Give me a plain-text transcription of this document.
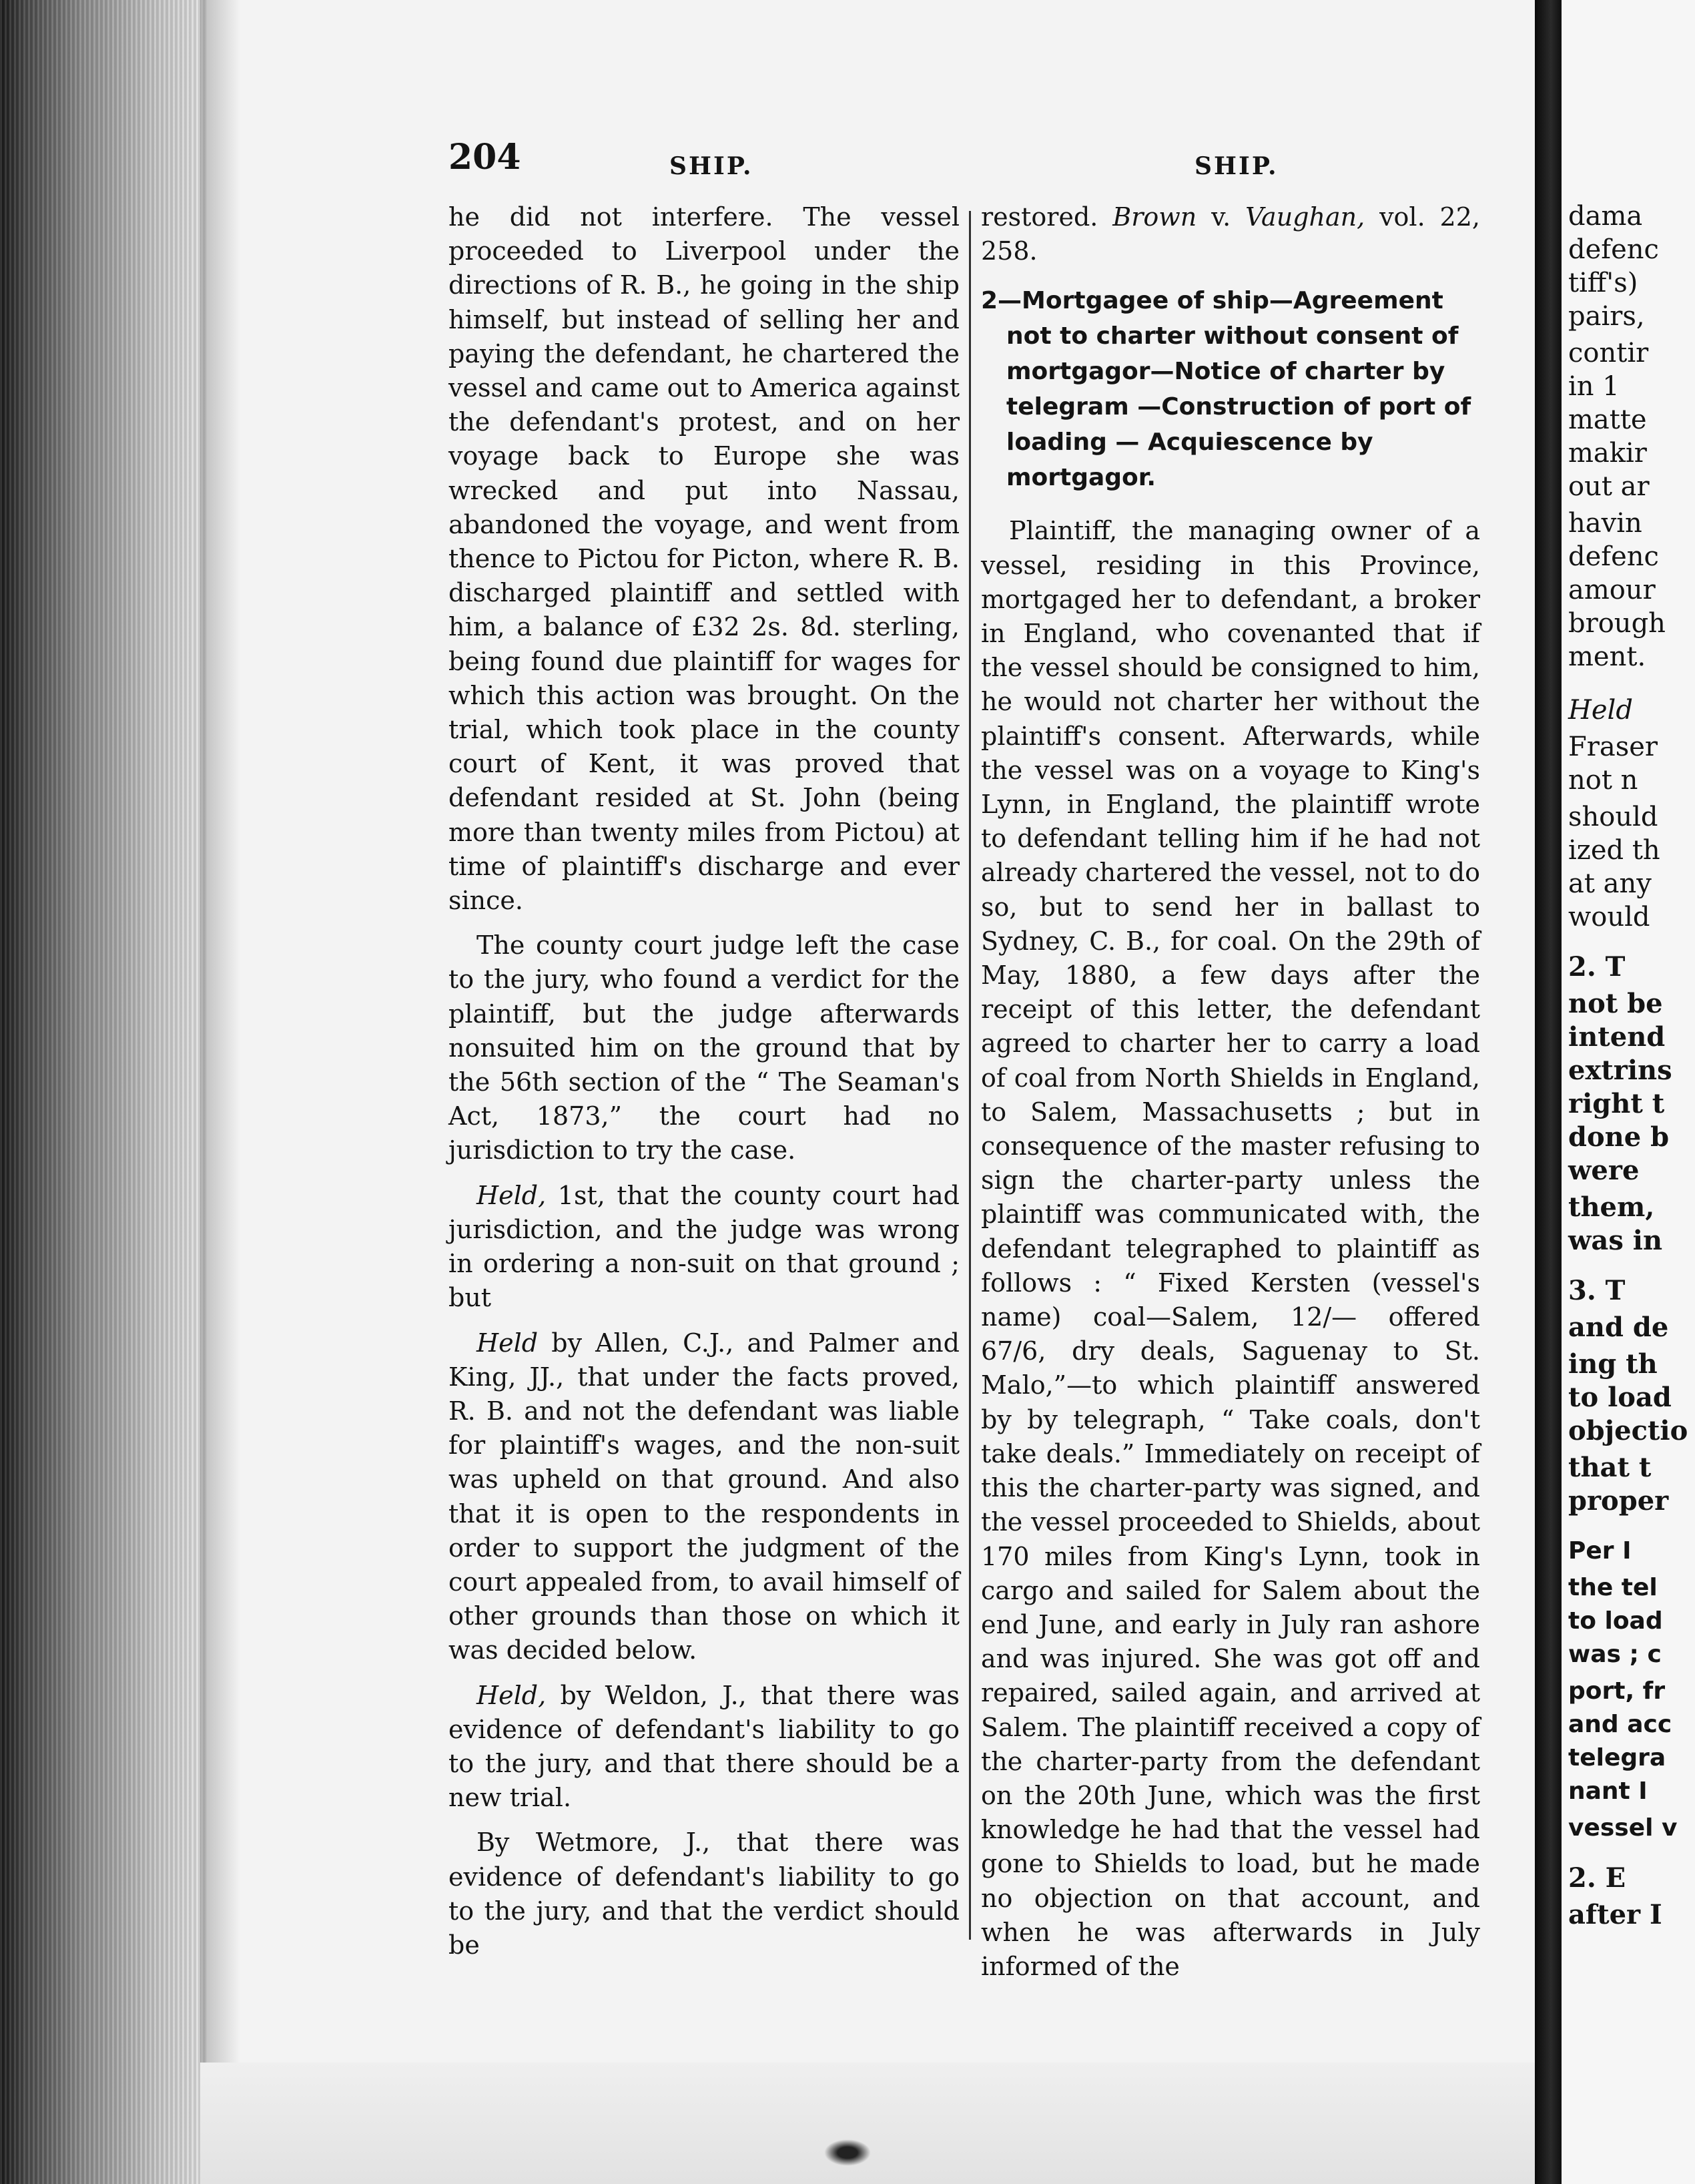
dama
defenc
tiff's)
pairs,
contir
in 1
matte
makir
out ar
havin
defenc
amour
brough
ment.
Held
Fraser
not n
should
ized th
at any
would
2. T
not be
intend
extrins
right t
done b
were
them,
was in
3. T
and de
ing th
to load
objectio
that t
proper
Per I
the tel
to load
was ; c
port, fr
and acc
telegra
nant I
vessel v
2. E
after I
204	SHIP.	SHIP.

he did not interfere. The vessel proceeded to Liverpool under the directions of R. B., he going in the ship himself, but instead of selling her and paying the defendant, he chartered the vessel and came out to America against the defendant's protest, and on her voyage back to Europe she was wrecked and put into Nassau, abandoned the voyage, and went from thence to Pictou for Picton, where R. B. discharged plaintiff and settled with him, a balance of £32 2s. 8d. sterling, being found due plaintiff for wages for which this action was brought. On the trial, which took place in the county court of Kent, it was proved that defendant resided at St. John (being more than twenty miles from Pictou) at time of plaintiff's discharge and ever since.

The county court judge left the case to the jury, who found a verdict for the plaintiff, but the judge afterwards nonsuited him on the ground that by the 56th section of the “ The Seaman's Act, 1873,” the court had no jurisdiction to try the case.

Held, 1st, that the county court had jurisdiction, and the judge was wrong in ordering a non-suit on that ground ; but

Held by Allen, C.J., and Palmer and King, JJ., that under the facts proved, R. B. and not the defendant was liable for plaintiff's wages, and the non-suit was upheld on that ground. And also that it is open to the respondents in order to support the judgment of the court appealed from, to avail himself of other grounds than those on which it was decided below.

Held, by Weldon, J., that there was evidence of defendant's liability to go to the jury, and that there should be a new trial.

By Wetmore, J., that there was evidence of defendant's liability to go to the jury, and that the verdict should be

restored. Brown v. Vaughan, vol. 22, 258.

2—Mortgagee of ship—Agreement not to charter without consent of mortgagor—Notice of charter by telegram —Construction of port of loading — Acquiescence by mortgagor.

Plaintiff, the managing owner of a vessel, residing in this Province, mortgaged her to defendant, a broker in England, who covenanted that if the vessel should be consigned to him, he would not charter her without the plaintiff's consent. Afterwards, while the vessel was on a voyage to King's Lynn, in England, the plaintiff wrote to defendant telling him if he had not already chartered the vessel, not to do so, but to send her in ballast to Sydney, C. B., for coal. On the 29th of May, 1880, a few days after the receipt of this letter, the defendant agreed to charter her to carry a load of coal from North Shields in England, to Salem, Massachusetts ; but in consequence of the master refusing to sign the charter-party unless the plaintiff was communicated with, the defendant telegraphed to plaintiff as follows : “ Fixed Kersten (vessel's name) coal—Salem, 12/— offered 67/6, dry deals, Saguenay to St. Malo,”—to which plaintiff answered by by telegraph, “ Take coals, don't take deals.” Immediately on receipt of this the charter-party was signed, and the vessel proceeded to Shields, about 170 miles from King's Lynn, took in cargo and sailed for Salem about the end June, and early in July ran ashore and was injured. She was got off and repaired, sailed again, and arrived at Salem. The plaintiff received a copy of the charter-party from the defendant on the 20th June, which was the first knowledge he had that the vessel had gone to Shields to load, but he made no objection on that account, and when he was afterwards in July informed of the
